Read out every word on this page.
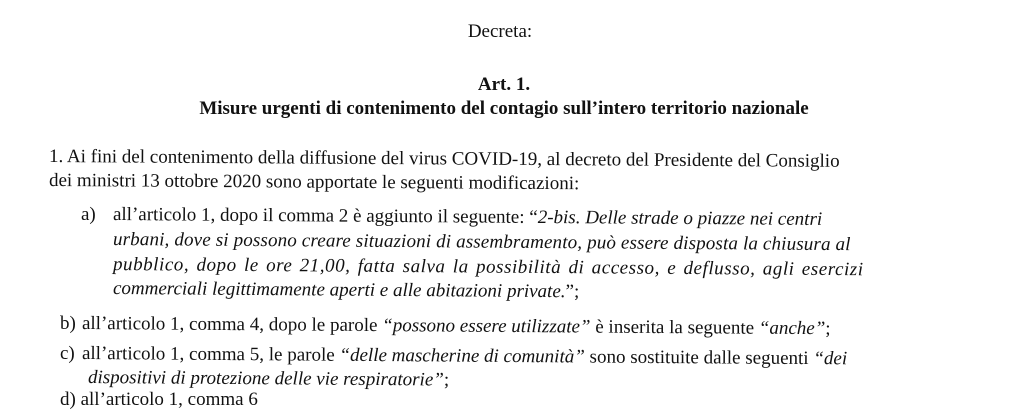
Decreta:
Art. 1.
Misure urgenti di contenimento del contagio sull’intero territorio nazionale
1. Ai fini del contenimento della diffusione del virus COVID-19, al decreto del Presidente del Consiglio
dei ministri 13 ottobre 2020 sono apportate le seguenti modificazioni:
a) all’articolo 1, dopo il comma 2 è aggiunto il seguente: “2-bis. Delle strade o piazze nei centri
urbani, dove si possono creare situazioni di assembramento, può essere disposta la chiusura al
pubblico, dopo le ore 21,00, fatta salva la possibilità di accesso, e deflusso, agli esercizi
commerciali legittimamente aperti e alle abitazioni private.”;
b) all’articolo 1, comma 4, dopo le parole “possono essere utilizzate” è inserita la seguente “anche”;
c) all’articolo 1, comma 5, le parole “delle mascherine di comunità” sono sostituite dalle seguenti “dei
dispositivi di protezione delle vie respiratorie”;
d) all’articolo 1, comma 6
